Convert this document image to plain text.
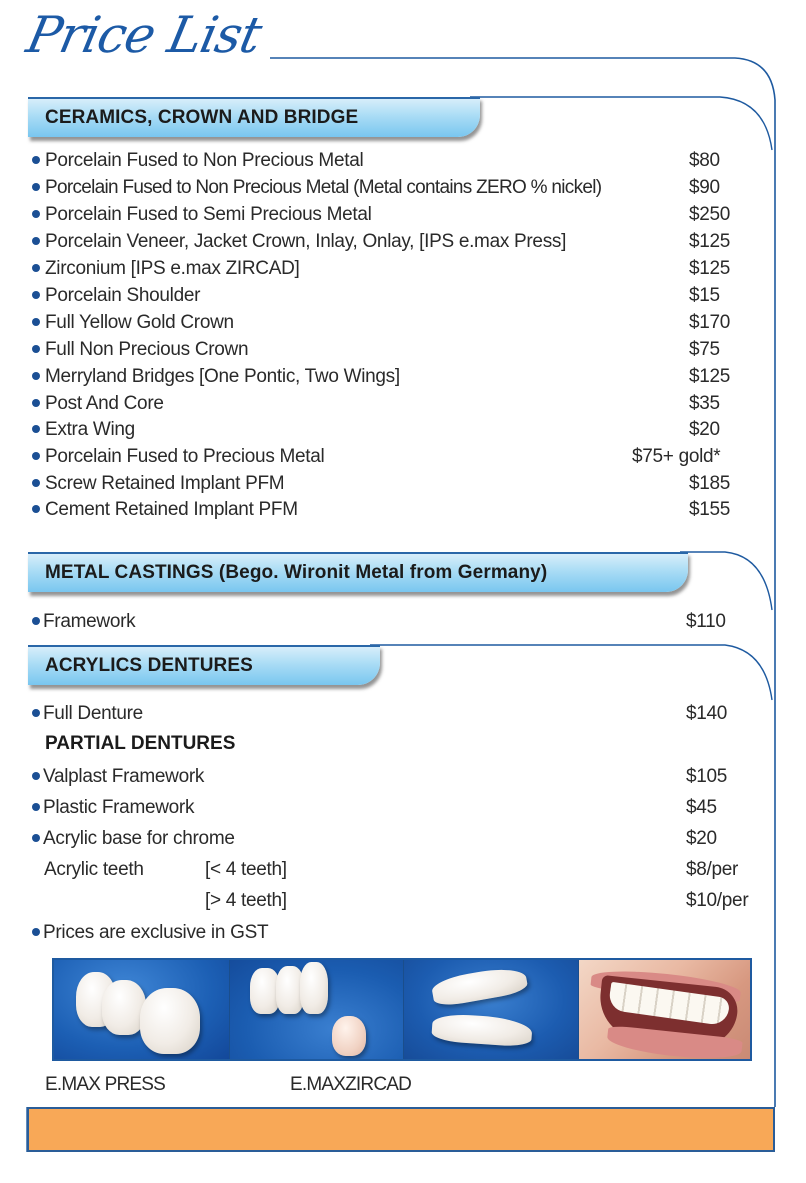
Price List
CERAMICS, CROWN AND BRIDGE
Porcelain Fused to Non Precious Metal	$80
Porcelain Fused to Non Precious Metal (Metal contains ZERO % nickel)	$90
Porcelain Fused to Semi Precious Metal	$250
Porcelain Veneer, Jacket Crown, Inlay, Onlay, [IPS e.max Press]	$125
Zirconium [IPS e.max ZIRCAD]	$125
Porcelain Shoulder	$15
Full Yellow Gold Crown	$170
Full Non Precious Crown	$75
Merryland Bridges [One Pontic, Two Wings]	$125
Post And Core	$35
Extra Wing	$20
Porcelain Fused to Precious Metal	$75+ gold*
Screw Retained Implant PFM	$185
Cement Retained Implant PFM	$155
METAL CASTINGS (Bego. Wironit Metal from Germany)
Framework	$110
ACRYLICS DENTURES
Full Denture	$140
PARTIAL DENTURES
Valplast Framework	$105
Plastic Framework	$45
Acrylic base for chrome	$20
Acrylic teeth	[< 4 teeth]	$8/per
[> 4 teeth]	$10/per
Prices are exclusive in GST
E.MAX PRESS	E.MAXZIRCAD
